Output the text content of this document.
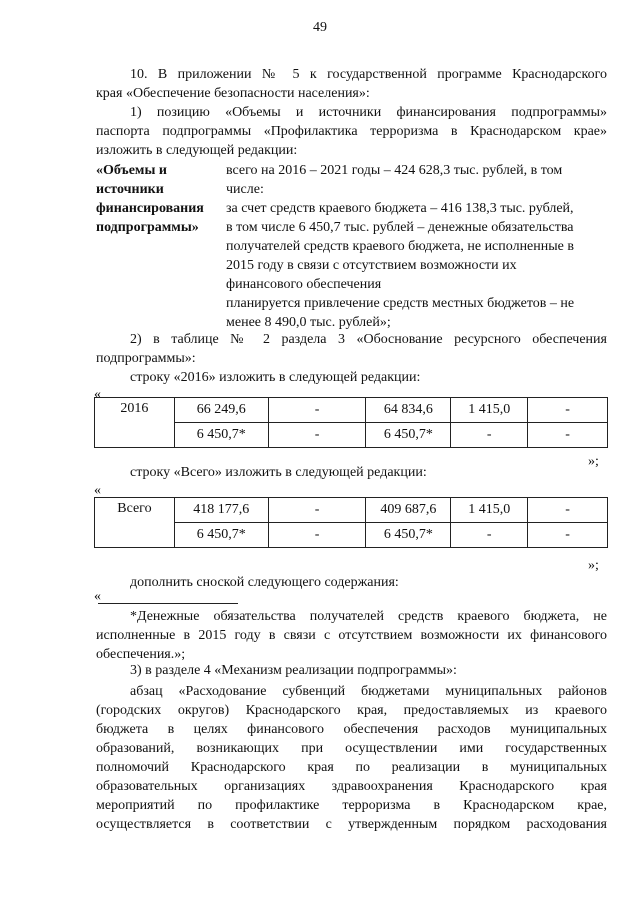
49
10. В приложении № 5 к государственной программе Краснодарского
края «Обеспечение безопасности населения»:
1) позицию «Объемы и источники финансирования подпрограммы»
паспорта подпрограммы «Профилактика терроризма в Краснодарском крае»
изложить в следующей редакции:
«Объемы и
источники
финансирования
подпрограммы»
всего на 2016 – 2021 годы – 424 628,3 тыс. рублей, в том
числе:
за счет средств краевого бюджета – 416 138,3 тыс. рублей,
в том числе 6 450,7 тыс. рублей – денежные обязательства
получателей средств краевого бюджета, не исполненные в
2015 году в связи с отсутствием возможности их
финансового обеспечения
планируется привлечение средств местных бюджетов – не
менее 8 490,0 тыс. рублей»;
2) в таблице № 2 раздела 3 «Обоснование ресурсного обеспечения
подпрограммы»:
строку «2016» изложить в следующей редакции:
«
2016	66 249,6	-	64 834,6	1 415,0	-
	6 450,7*	-	6 450,7*	-	-
»;
строку «Всего» изложить в следующей редакции:
«
Всего	418 177,6	-	409 687,6	1 415,0	-
	6 450,7*	-	6 450,7*	-	-
»;
дополнить сноской следующего содержания:
«
*Денежные обязательства получателей средств краевого бюджета, не
исполненные в 2015 году в связи с отсутствием возможности их финансового
обеспечения.»;
3) в разделе 4 «Механизм реализации подпрограммы»:
абзац «Расходование субвенций бюджетами муниципальных районов
(городских округов) Краснодарского края, предоставляемых из краевого
бюджета в целях финансового обеспечения расходов муниципальных
образований, возникающих при осуществлении ими государственных
полномочий Краснодарского края по реализации в муниципальных
образовательных организациях здравоохранения Краснодарского края
мероприятий по профилактике терроризма в Краснодарском крае,
осуществляется в соответствии с утвержденным порядком расходования
